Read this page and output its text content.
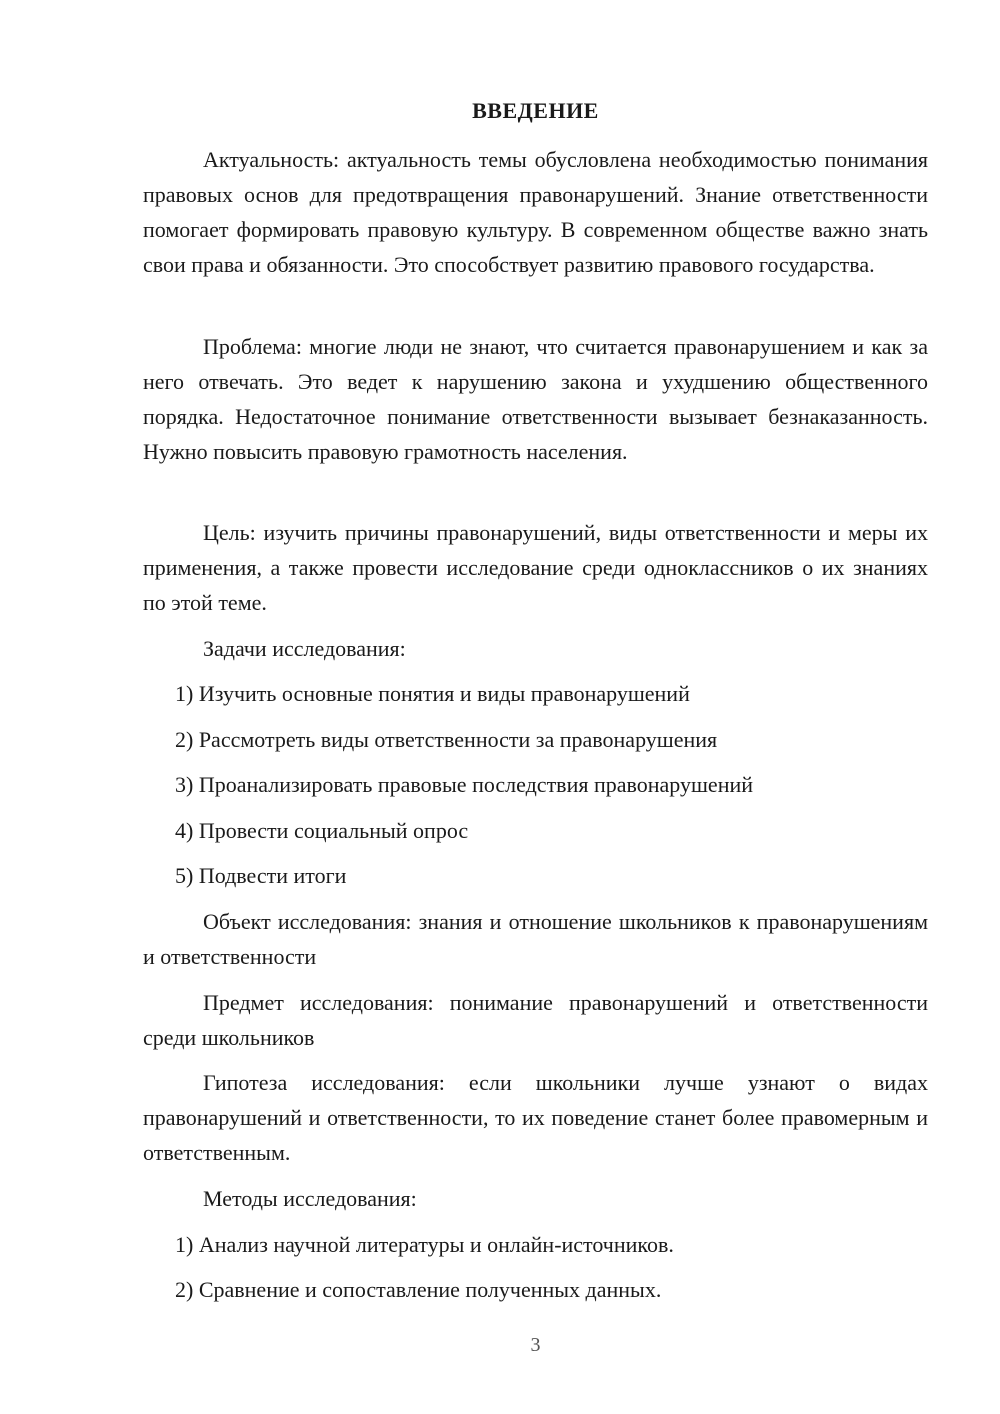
ВВЕДЕНИЕ

Актуальность: актуальность темы обусловлена необходимостью понимания правовых основ для предотвращения правонарушений. Знание ответственности помогает формировать правовую культуру. В современном обществе важно знать свои права и обязанности. Это способствует развитию правового государства.

Проблема: многие люди не знают, что считается правонарушением и как за него отвечать. Это ведет к нарушению закона и ухудшению общественного порядка. Недостаточное понимание ответственности вызывает безнаказанность. Нужно повысить правовую грамотность населения.

Цель: изучить причины правонарушений, виды ответственности и меры их применения, а также провести исследование среди одноклассников о их знаниях по этой теме.

Задачи исследования:

1) Изучить основные понятия и виды правонарушений

2) Рассмотреть виды ответственности за правонарушения

3) Проанализировать правовые последствия правонарушений

4) Провести социальный опрос

5) Подвести итоги

Объект исследования: знания и отношение школьников к правонарушениям и ответственности

Предмет исследования: понимание правонарушений и ответственности среди школьников

Гипотеза исследования: если школьники лучше узнают о видах правонарушений и ответственности, то их поведение станет более правомерным и ответственным.

Методы исследования:

1) Анализ научной литературы и онлайн-источников.

2) Сравнение и сопоставление полученных данных.

3
